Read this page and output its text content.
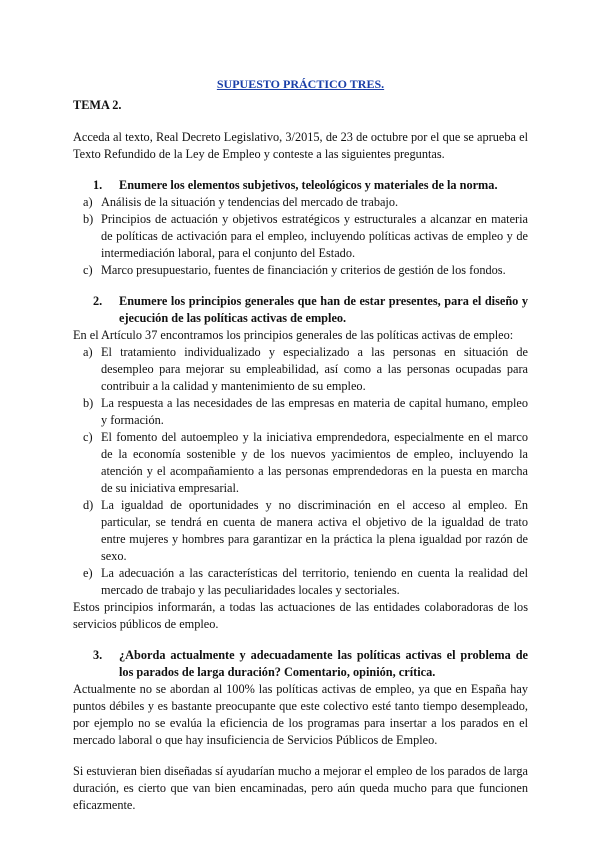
SUPUESTO PRÁCTICO TRES.

TEMA 2.

Acceda al texto, Real Decreto Legislativo, 3/2015, de 23 de octubre por el que se aprueba el Texto Refundido de la Ley de Empleo y conteste a las siguientes preguntas.

1.	Enumere los elementos subjetivos, teleológicos y materiales de la norma.
a) Análisis de la situación y tendencias del mercado de trabajo.
b) Principios de actuación y objetivos estratégicos y estructurales a alcanzar en materia de políticas de activación para el empleo, incluyendo políticas activas de empleo y de intermediación laboral, para el conjunto del Estado.
c) Marco presupuestario, fuentes de financiación y criterios de gestión de los fondos.
2.	Enumere los principios generales que han de estar presentes, para el diseño y ejecución de las políticas activas de empleo.

En el Artículo 37 encontramos los principios generales de las políticas activas de empleo:

a) El tratamiento individualizado y especializado a las personas en situación de desempleo para mejorar su empleabilidad, así como a las personas ocupadas para contribuir a la calidad y mantenimiento de su empleo.
b) La respuesta a las necesidades de las empresas en materia de capital humano, empleo y formación.
c) El fomento del autoempleo y la iniciativa emprendedora, especialmente en el marco de la economía sostenible y de los nuevos yacimientos de empleo, incluyendo la atención y el acompañamiento a las personas emprendedoras en la puesta en marcha de su iniciativa empresarial.
d) La igualdad de oportunidades y no discriminación en el acceso al empleo. En particular, se tendrá en cuenta de manera activa el objetivo de la igualdad de trato entre mujeres y hombres para garantizar en la práctica la plena igualdad por razón de sexo.
e) La adecuación a las características del territorio, teniendo en cuenta la realidad del mercado de trabajo y las peculiaridades locales y sectoriales.

Estos principios informarán, a todas las actuaciones de las entidades colaboradoras de los servicios públicos de empleo.

3.	¿Aborda actualmente y adecuadamente las políticas activas el problema de los parados de larga duración? Comentario, opinión, crítica.

Actualmente no se abordan al 100% las políticas activas de empleo, ya que en España hay puntos débiles y es bastante preocupante que este colectivo esté tanto tiempo desempleado, por ejemplo no se evalúa la eficiencia de los programas para insertar a los parados en el mercado laboral o que hay insuficiencia de Servicios Públicos de Empleo.

Si estuvieran bien diseñadas sí ayudarían mucho a mejorar el empleo de los parados de larga duración, es cierto que van bien encaminadas, pero aún queda mucho para que funcionen eficazmente.
